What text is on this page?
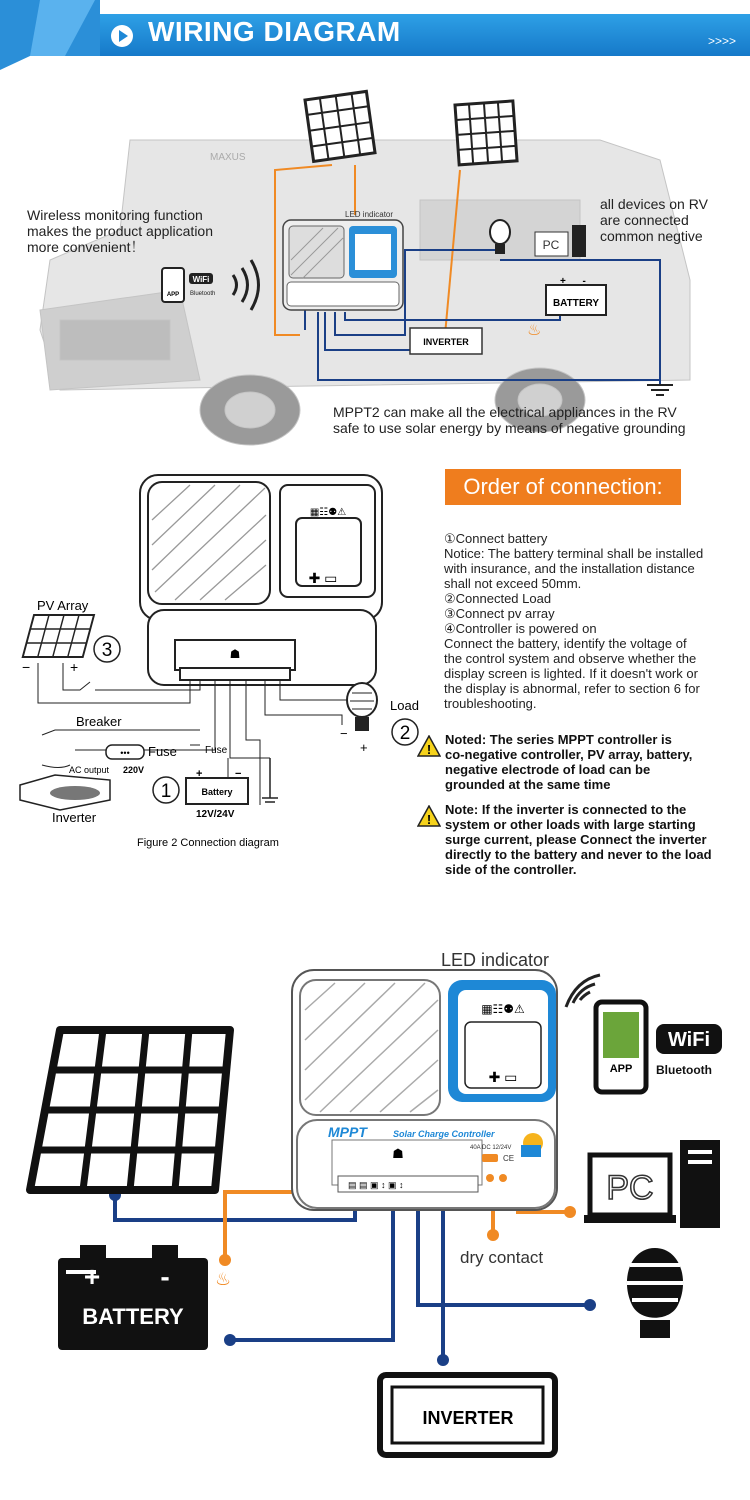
WIRING DIAGRAM	>>>>
MAXUS
LED indicator
INVERTER
BATTERY
+      -
PC
♨
APP
WiFi
Bluetooth
Wireless monitoring function
makes the product application
more convenient！
all devices on RV
are connected
common negtive
MPPT2 can make all the electrical appliances in the RV
safe to use solar energy by means of negative grounding
▦☷⚉⚠
✚ ▭
☗
PV Array
−	+
3
Breaker
Load
−
+
2
Battery
+	−
12V/24V
1
Fuse
Fuse
•••
AC output 220V
Inverter
Figure 2 Connection diagram
Order of connection:
①Connect battery
Notice: The battery terminal shall be installed
with insurance, and the installation distance
shall not exceed 50mm.
②Connected Load
③Connect pv array
④Controller is powered on
Connect the battery, identify the voltage of
the control system and observe whether the
display screen is lighted. If it doesn't work or
the display is abnormal, refer to section 6 for
troubleshooting.
!
Noted: The series MPPT controller is
co-negative controller, PV array, battery,
negative electrode of load can be
grounded at the same time
!
Note: If the inverter is connected to the
system or other loads with large starting
surge current, please Connect the inverter
directly to the battery and never to the load
side of the controller.
▦☷⚉⚠
✚ ▭
☗
▤ ▤ ▣ ↕ ▣ ↕
MPPT	Solar Charge Controller
40A DC 12/24V
CE
LED indicator
APP
WiFi
Bluetooth
PC
dry contact
+ -
BATTERY
♨
INVERTER
